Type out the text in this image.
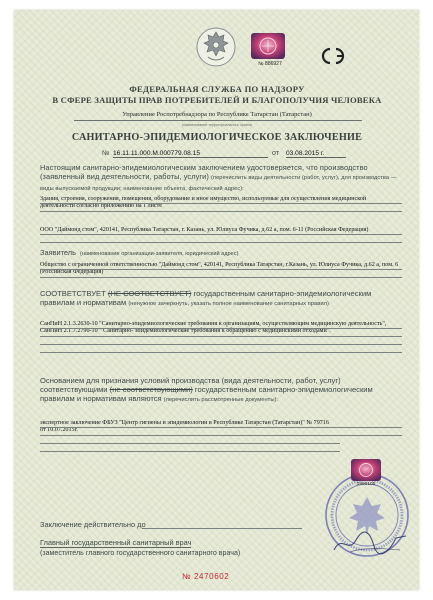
№ 886927
ФЕДЕРАЛЬНАЯ СЛУЖБА ПО НАДЗОРУ
В СФЕРЕ ЗАЩИТЫ ПРАВ ПОТРЕБИТЕЛЕЙ И БЛАГОПОЛУЧИЯ ЧЕЛОВЕКА
Управление Роспотребнадзора по Республике Татарстан (Татарстан)
(наименование территориального органа)
САНИТАРНО-ЭПИДЕМИОЛОГИЧЕСКОЕ ЗАКЛЮЧЕНИЕ
№ 16.11.11.000.М.000779.08.15	от 03.08.2015 г.
Настоящим санитарно-эпидемиологическим заключением удостоверяется, что производство (заявленный вид деятельности, работы, услуги) (перечислить виды деятельности (работ, услуг), для производства — виды выпускаемой продукции; наименование объекта, фактический адрес):
Здания, строения, сооружения, помещения, оборудование и иное имущество, используемые для осуществления медицинской деятельности согласно приложению на 1 листе
ООО "Даймонд стом", 420141, Республика Татарстан, г. Казань, ул. Юлиуса Фучика, д.62 а, пом. 6-11 (Российская Федерация)
Заявитель (наименование организации-заявителя, юридический адрес)
Общество с ограниченной ответственностью "Даймонд стом", 420141, Республика Татарстан, г.Казань, ул. Юлиуса Фучика, д.62 а, пом. 6 (Российская Федерация)
СООТВЕТСТВУЕТ (НЕ СООТВЕТСТВУЕТ) государственным санитарно-эпидемиологическим правилам и нормативам (ненужное зачеркнуть, указать полное наименование санитарных правил)
СанПиН 2.1.3.2630-10 "Санитарно-эпидемиологические требования к организациям, осуществляющим медицинскую деятельность", СанПиН 2.1.7.2790-10 " Санитарно- эпидемиологические требования к обращению с медицинскими отходами".
Основанием для признания условий производства (вида деятельности, работ, услуг) соответствующими (не соответствующими) государственным санитарно-эпидемиологическим правилам и нормативам являются (перечислить рассмотренные документы):
экспертное заключение ФБУЗ "Центр гигиены и эпидемиологии в Республике Татарстан (Татарстан)" № 79716 от 10.07.2015г.
Заключение действительно до
Главный государственный санитарный врач
(заместитель главного государственного санитарного врача)
0890105
№ 2470602
